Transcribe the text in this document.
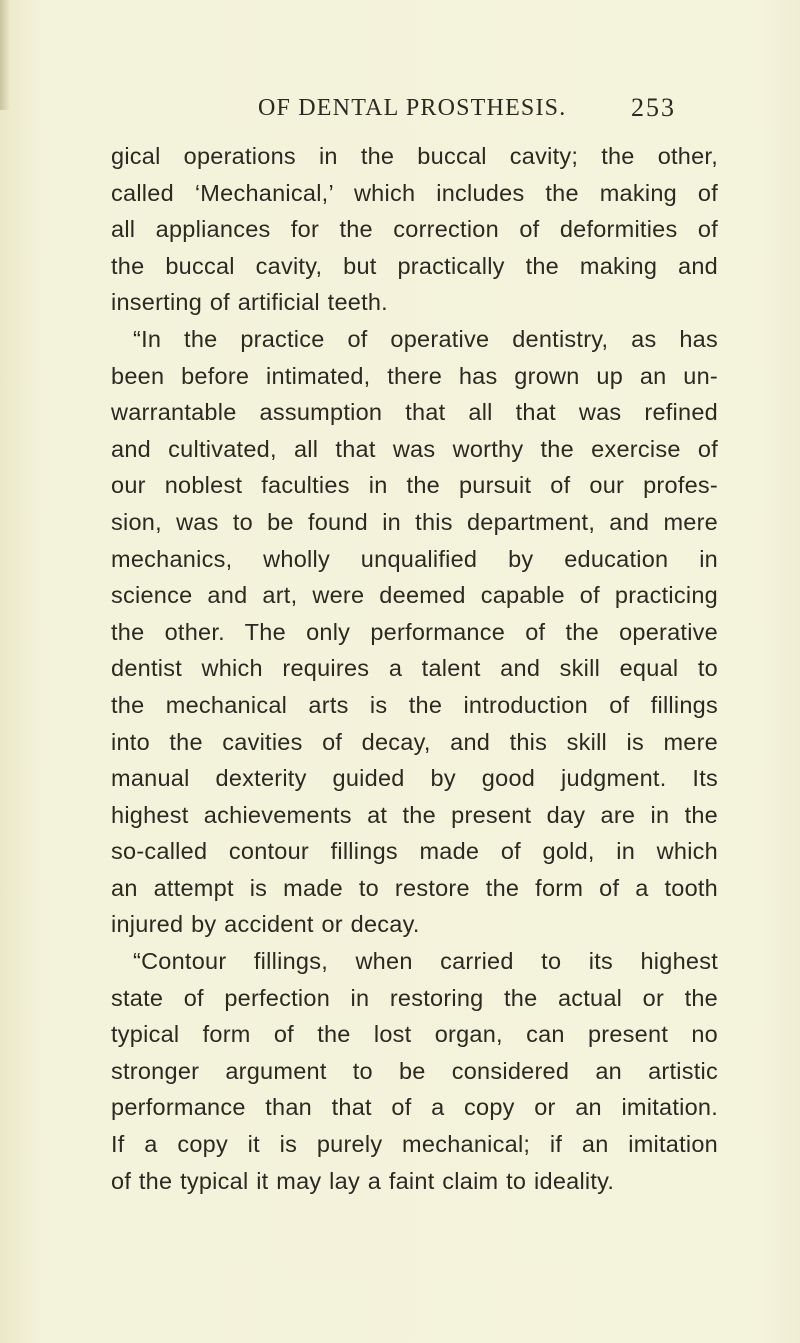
OF DENTAL PROSTHESIS. 253
gical operations in the buccal cavity; the other,
called ‘Mechanical,’ which includes the making of
all appliances for the correction of deformities of
the buccal cavity, but practically the making and
inserting of artificial teeth.
“In the practice of operative dentistry, as has
been before intimated, there has grown up an un-
warrantable assumption that all that was refined
and cultivated, all that was worthy the exercise of
our noblest faculties in the pursuit of our profes-
sion, was to be found in this department, and mere
mechanics, wholly unqualified by education in
science and art, were deemed capable of practicing
the other. The only performance of the operative
dentist which requires a talent and skill equal to
the mechanical arts is the introduction of fillings
into the cavities of decay, and this skill is mere
manual dexterity guided by good judgment. Its
highest achievements at the present day are in the
so-called contour fillings made of gold, in which
an attempt is made to restore the form of a tooth
injured by accident or decay.
“Contour fillings, when carried to its highest
state of perfection in restoring the actual or the
typical form of the lost organ, can present no
stronger argument to be considered an artistic
performance than that of a copy or an imitation.
If a copy it is purely mechanical; if an imitation
of the typical it may lay a faint claim to ideality.
